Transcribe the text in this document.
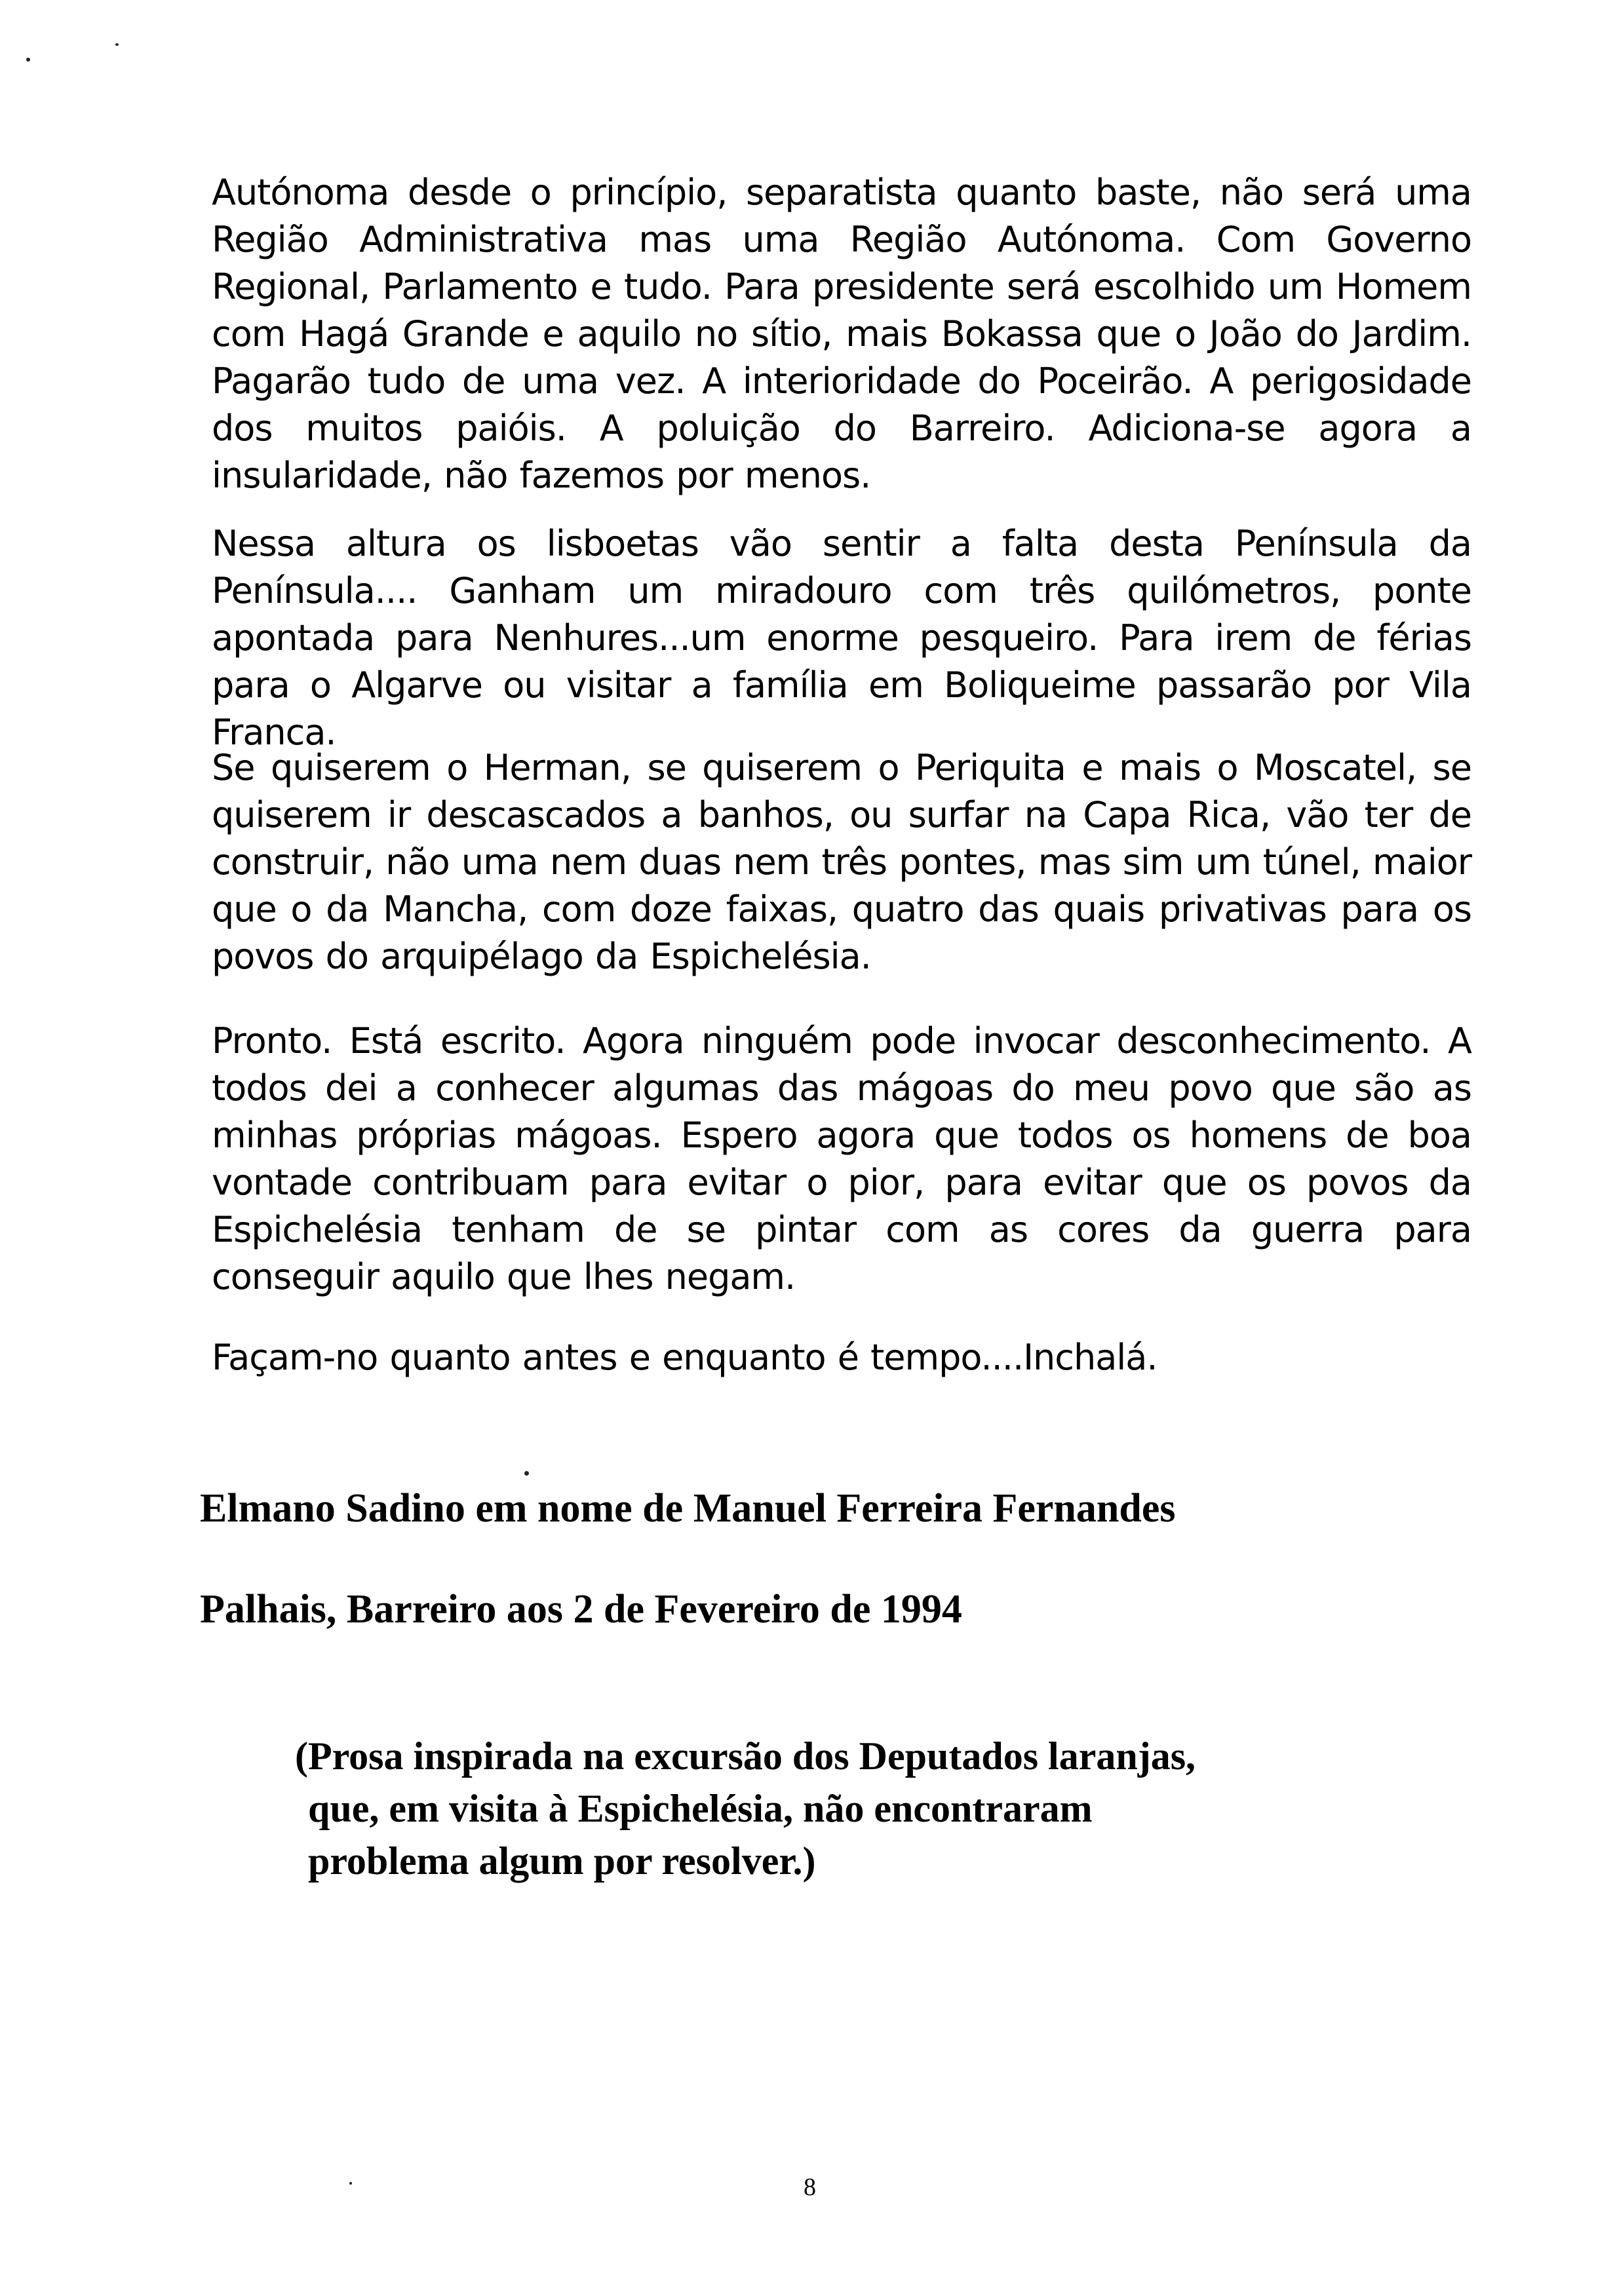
Autónoma desde o princípio, separatista quanto baste, não será uma Região Administrativa mas uma Região Autónoma. Com Governo Regional, Parlamento e tudo. Para presidente será escolhido um Homem com Hagá Grande e aquilo no sítio, mais Bokassa que o João do Jardim. Pagarão tudo de uma vez. A interioridade do Poceirão. A perigosidade dos muitos paióis. A poluição do Barreiro. Adiciona-se agora a insularidade, não fazemos por menos.

Nessa altura os lisboetas vão sentir a falta desta Península da Península.... Ganham um miradouro com três quilómetros, ponte apontada para Nenhures...um enorme pesqueiro. Para irem de férias para o Algarve ou visitar a família em Boliqueime passarão por Vila Franca.

Se quiserem o Herman, se quiserem o Periquita e mais o Moscatel, se quiserem ir descascados a banhos, ou surfar na Capa Rica, vão ter de construir, não uma nem duas nem três pontes, mas sim um túnel, maior que o da Mancha, com doze faixas, quatro das quais privativas para os povos do arquipélago da Espichelésia.

Pronto. Está escrito. Agora ninguém pode invocar desconhecimento. A todos dei a conhecer algumas das mágoas do meu povo que são as minhas próprias mágoas. Espero agora que todos os homens de boa vontade contribuam para evitar o pior, para evitar que os povos da Espichelésia tenham de se pintar com as cores da guerra para conseguir aquilo que lhes negam.

Façam-no quanto antes e enquanto é tempo....Inchalá.

Elmano Sadino em nome de Manuel Ferreira Fernandes

Palhais, Barreiro aos 2 de Fevereiro de 1994

(Prosa inspirada na excursão dos Deputados laranjas,
que, em visita à Espichelésia, não encontraram
problema algum por resolver.)

8
